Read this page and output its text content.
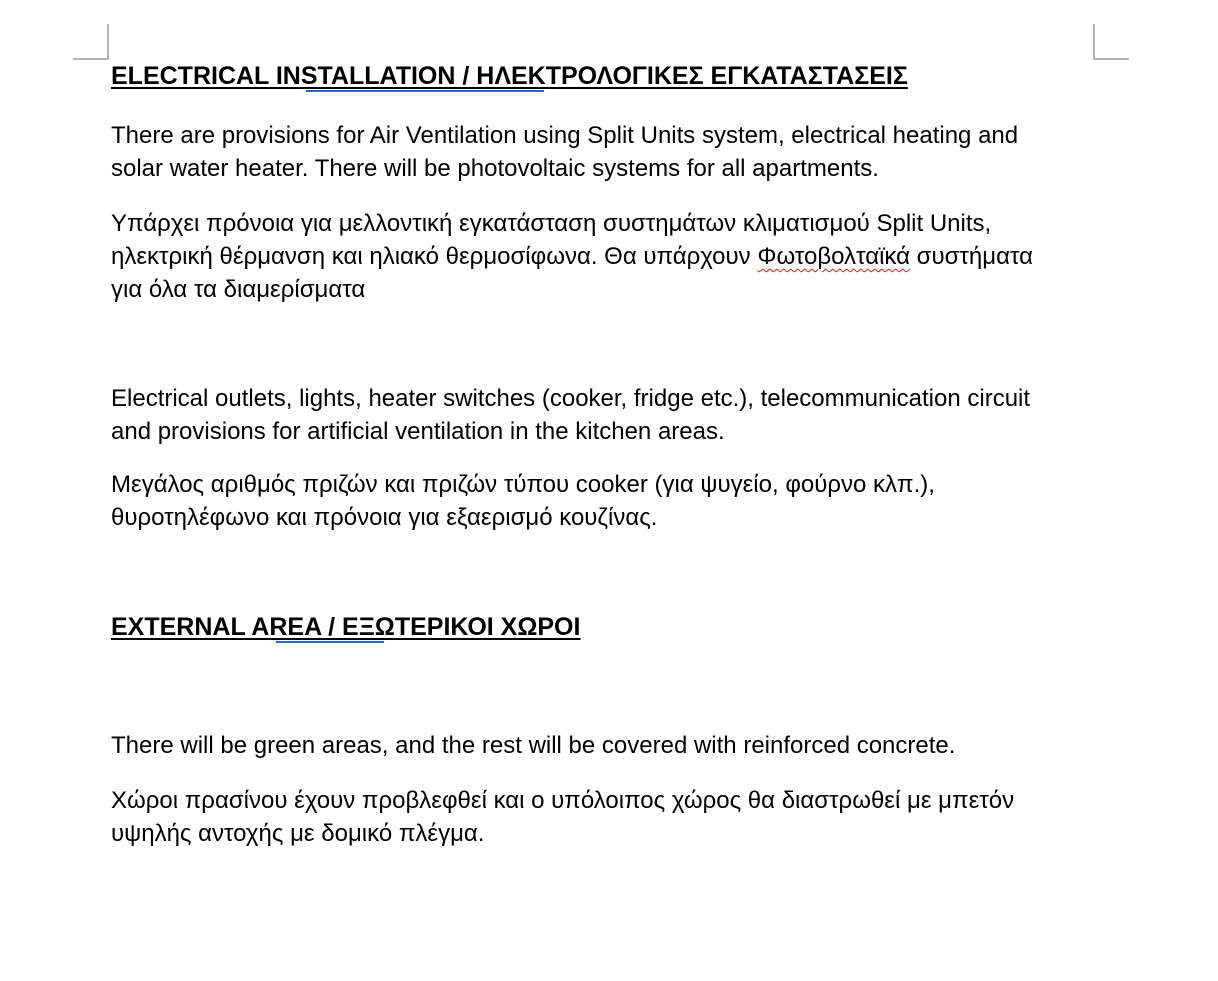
ELECTRICAL INSTALLATION / ΗΛΕΚΤΡΟΛΟΓΙΚΕΣ ΕΓΚΑΤΑΣΤΑΣΕΙΣ

There are provisions for Air Ventilation using Split Units system, electrical heating and
solar water heater. There will be photovoltaic systems for all apartments.

Υπάρχει πρόνοια για μελλοντική εγκατάσταση συστημάτων κλιματισμού Split Units,
ηλεκτρική θέρμανση και ηλιακό θερμοσίφωνα. Θα υπάρχουν Φωτοβολταϊκά συστήματα
για όλα τα διαμερίσματα

Electrical outlets, lights, heater switches (cooker, fridge etc.), telecommunication circuit
and provisions for artificial ventilation in the kitchen areas.

Μεγάλος αριθμός πριζών και πριζών τύπου cooker (για ψυγείο, φούρνο κλπ.),
θυροτηλέφωνο και πρόνοια για εξαερισμό κουζίνας.

EXTERNAL AREA / ΕΞΩΤΕΡΙΚΟΙ ΧΩΡΟΙ

There will be green areas, and the rest will be covered with reinforced concrete.

Χώροι πρασίνου έχουν προβλεφθεί και ο υπόλοιπος χώρος θα διαστρωθεί με μπετόν
υψηλής αντοχής με δομικό πλέγμα.
